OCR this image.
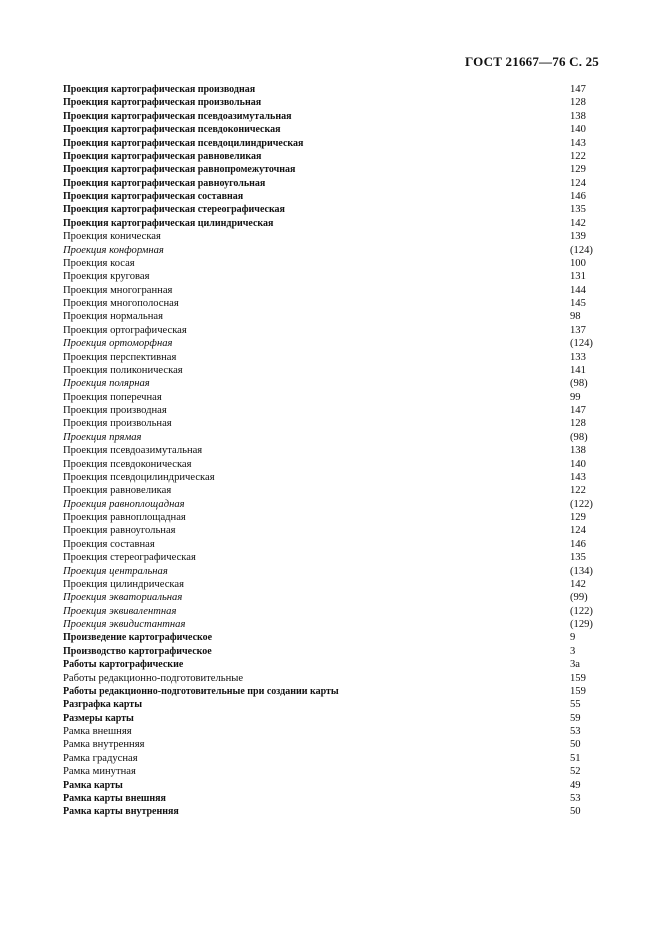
ГОСТ 21667—76 С. 25
Проекция картографическая производная	147
Проекция картографическая произвольная	128
Проекция картографическая псевдоазимутальная	138
Проекция картографическая псевдоконическая	140
Проекция картографическая псевдоцилиндрическая	143
Проекция картографическая равновеликая	122
Проекция картографическая равнопромежуточная	129
Проекция картографическая равноугольная	124
Проекция картографическая составная	146
Проекция картографическая стереографическая	135
Проекция картографическая цилиндрическая	142
Проекция коническая	139
Проекция конформная	(124)
Проекция косая	100
Проекция круговая	131
Проекция многогранная	144
Проекция многополосная	145
Проекция нормальная	98
Проекция ортографическая	137
Проекция ортоморфная	(124)
Проекция перспективная	133
Проекция поликоническая	141
Проекция полярная	(98)
Проекция поперечная	99
Проекция производная	147
Проекция произвольная	128
Проекция прямая	(98)
Проекция псевдоазимутальная	138
Проекция псевдоконическая	140
Проекция псевдоцилиндрическая	143
Проекция равновеликая	122
Проекция равноплощадная	(122)
Проекция равноплощадная	129
Проекция равноугольная	124
Проекция составная	146
Проекция стереографическая	135
Проекция центральная	(134)
Проекция цилиндрическая	142
Проекция экваториальная	(99)
Проекция эквивалентная	(122)
Проекция эквидистантная	(129)
Произведение картографическое	9
Производство картографическое	3
Работы картографические	3а
Работы редакционно-подготовительные	159
Работы редакционно-подготовительные при создании карты	159
Разграфка карты	55
Размеры карты	59
Рамка внешняя	53
Рамка внутренняя	50
Рамка градусная	51
Рамка минутная	52
Рамка карты	49
Рамка карты внешняя	53
Рамка карты внутренняя	50
